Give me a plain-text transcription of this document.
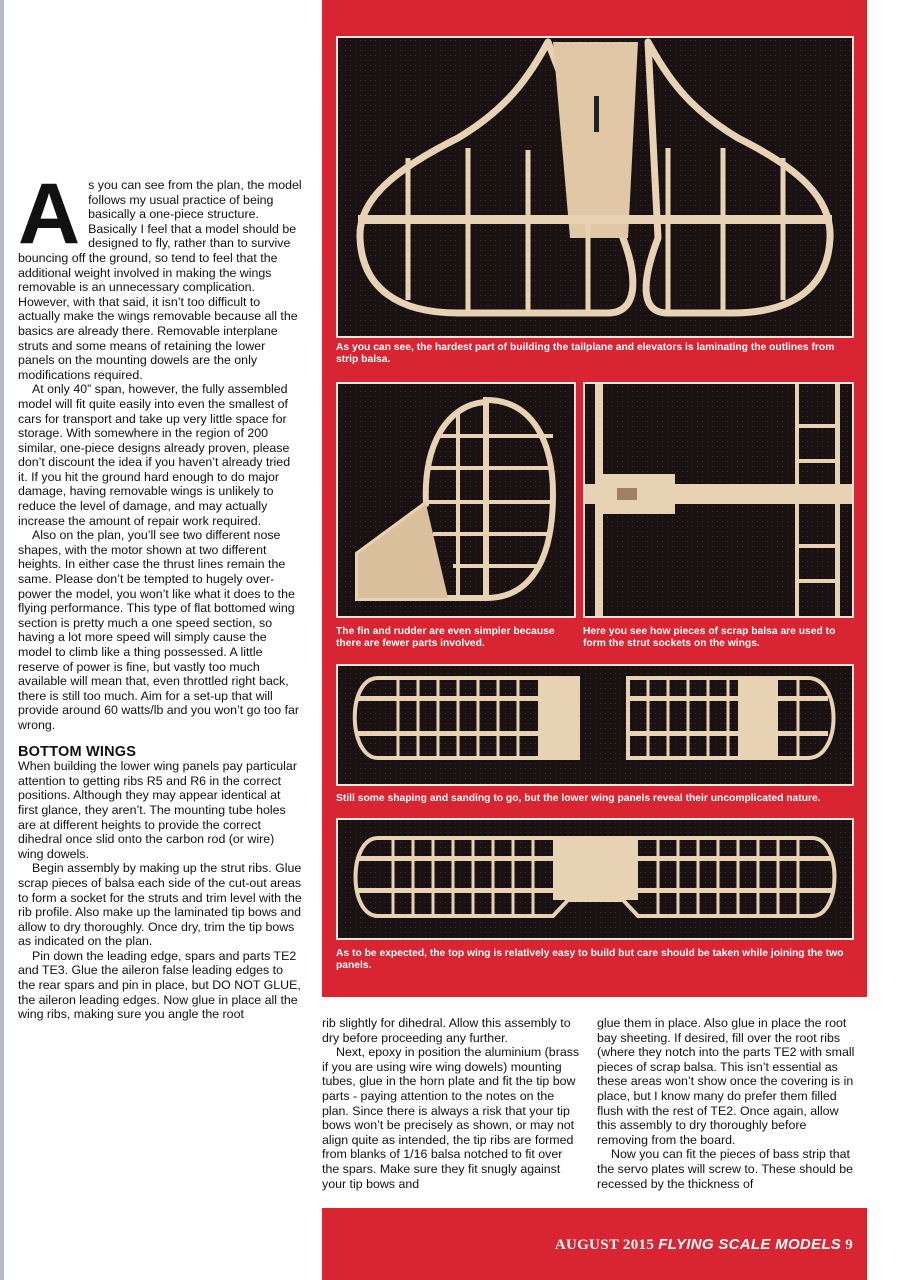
As you can see from the plan, the model follows my usual practice of being basically a one-piece structure. Basically I feel that a model should be designed to fly, rather than to survive bouncing off the ground, so tend to feel that the additional weight involved in making the wings removable is an unnecessary complication. However, with that said, it isn’t too difficult to actually make the wings removable because all the basics are already there. Removable interplane struts and some means of retaining the lower panels on the mounting dowels are the only modifications required.

At only 40” span, however, the fully assembled model will fit quite easily into even the smallest of cars for transport and take up very little space for storage. With somewhere in the region of 200 similar, one-piece designs already proven, please don’t discount the idea if you haven’t already tried it. If you hit the ground hard enough to do major damage, having removable wings is unlikely to reduce the level of damage, and may actually increase the amount of repair work required.

Also on the plan, you’ll see two different nose shapes, with the motor shown at two different heights. In either case the thrust lines remain the same. Please don’t be tempted to hugely over-power the model, you won’t like what it does to the flying performance. This type of flat bottomed wing section is pretty much a one speed section, so having a lot more speed will simply cause the model to climb like a thing possessed. A little reserve of power is fine, but vastly too much available will mean that, even throttled right back, there is still too much. Aim for a set-up that will provide around 60 watts/lb and you won’t go too far wrong.

BOTTOM WINGS

When building the lower wing panels pay particular attention to getting ribs R5 and R6 in the correct positions. Although they may appear identical at first glance, they aren’t. The mounting tube holes are at different heights to provide the correct dihedral once slid onto the carbon rod (or wire) wing dowels.

Begin assembly by making up the strut ribs. Glue scrap pieces of balsa each side of the cut-out areas to form a socket for the struts and trim level with the rib profile. Also make up the laminated tip bows and allow to dry thoroughly. Once dry, trim the tip bows as indicated on the plan.

Pin down the leading edge, spars and parts TE2 and TE3. Glue the aileron false leading edges to the rear spars and pin in place, but DO NOT GLUE, the aileron leading edges. Now glue in place all the wing ribs, making sure you angle the root

As you can see, the hardest part of building the tailplane and elevators is laminating the outlines from strip balsa.
The fin and rudder are even simpler because there are fewer parts involved.
Here you see how pieces of scrap balsa are used to form the strut sockets on the wings.
Still some shaping and sanding to go, but the lower wing panels reveal their uncomplicated nature.
As to be expected, the top wing is relatively easy to build but care should be taken while joining the two panels.

rib slightly for dihedral. Allow this assembly to dry before proceeding any further.

Next, epoxy in position the aluminium (brass if you are using wire wing dowels) mounting tubes, glue in the horn plate and fit the tip bow parts - paying attention to the notes on the plan. Since there is always a risk that your tip bows won’t be precisely as shown, or may not align quite as intended, the tip ribs are formed from blanks of 1/16 balsa notched to fit over the spars. Make sure they fit snugly against your tip bows and

glue them in place. Also glue in place the root bay sheeting. If desired, fill over the root ribs (where they notch into the parts TE2 with small pieces of scrap balsa. This isn’t essential as these areas won’t show once the covering is in place, but I know many do prefer them filled flush with the rest of TE2. Once again, allow this assembly to dry thoroughly before removing from the board.

Now you can fit the pieces of bass strip that the servo plates will screw to. These should be recessed by the thickness of

AUGUST 2015 FLYING SCALE MODELS 9
